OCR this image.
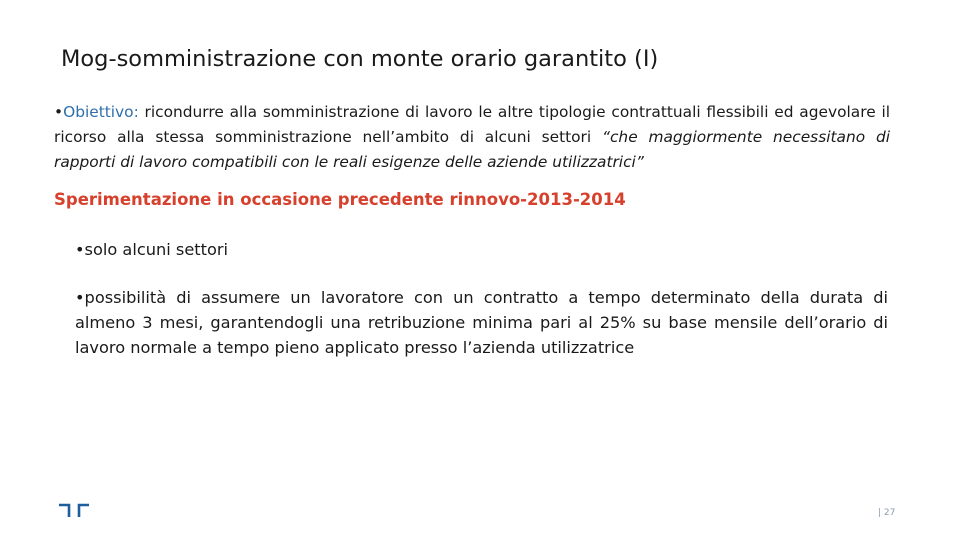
Mog-somministrazione con monte orario garantito (I)
•Obiettivo: ricondurre alla somministrazione di lavoro le altre tipologie contrattuali flessibili ed agevolare il ricorso alla stessa somministrazione nell’ambito di alcuni settori “che maggiormente necessitano di rapporti di lavoro compatibili con le reali esigenze delle aziende utilizzatrici”
Sperimentazione in occasione precedente rinnovo-2013-2014
•solo alcuni settori
•possibilità di assumere un lavoratore con un contratto a tempo determinato della durata di almeno 3 mesi, garantendogli una retribuzione minima pari al 25% su base mensile dell’orario di lavoro normale a tempo pieno applicato presso l’azienda utilizzatrice
| 27
